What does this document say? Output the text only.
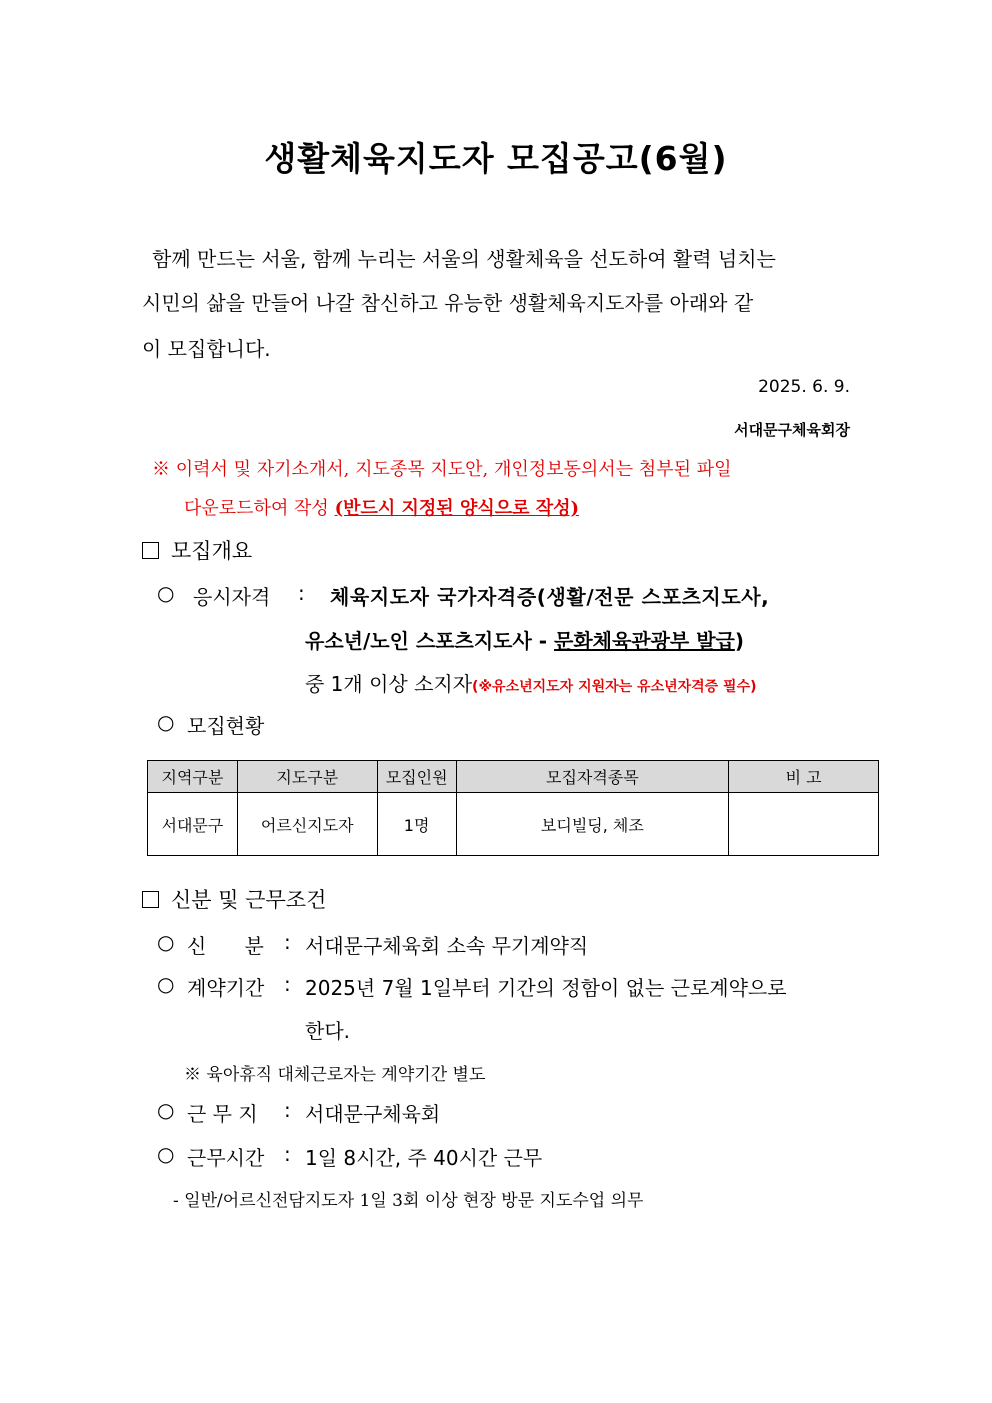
생활체육지도자 모집공고(6월)
함께 만드는 서울, 함께 누리는 서울의 생활체육을 선도하여 활력 넘치는
시민의 삶을 만들어 나갈 참신하고 유능한 생활체육지도자를 아래와 같
이 모집합니다.
2025. 6. 9.
서대문구체육회장
※ 이력서 및 자기소개서, 지도종목 지도안, 개인정보동의서는 첨부된 파일
다운로드하여 작성 (반드시 지정된 양식으로 작성)
모집개요
○ 응시자격 : 체육지도자 국가자격증(생활/전문 스포츠지도사,
유소년/노인 스포츠지도사 - 문화체육관광부 발급)
중 1개 이상 소지자(※유소년지도자 지원자는 유소년자격증 필수)
○ 모집현황
지역구분	지도구분	모집인원	모집자격종목	비 고
서대문구	어르신지도자	1명	보디빌딩, 체조	
신분 및 근무조건
○ 신      분 : 서대문구체육회 소속 무기계약직
○ 계약기간 : 2025년 7월 1일부터 기간의 정함이 없는 근로계약으로
한다.
※ 육아휴직 대체근로자는 계약기간 별도
○ 근 무 지 : 서대문구체육회
○ 근무시간 : 1일 8시간, 주 40시간 근무
- 일반/어르신전담지도자 1일 3회 이상 현장 방문 지도수업 의무
